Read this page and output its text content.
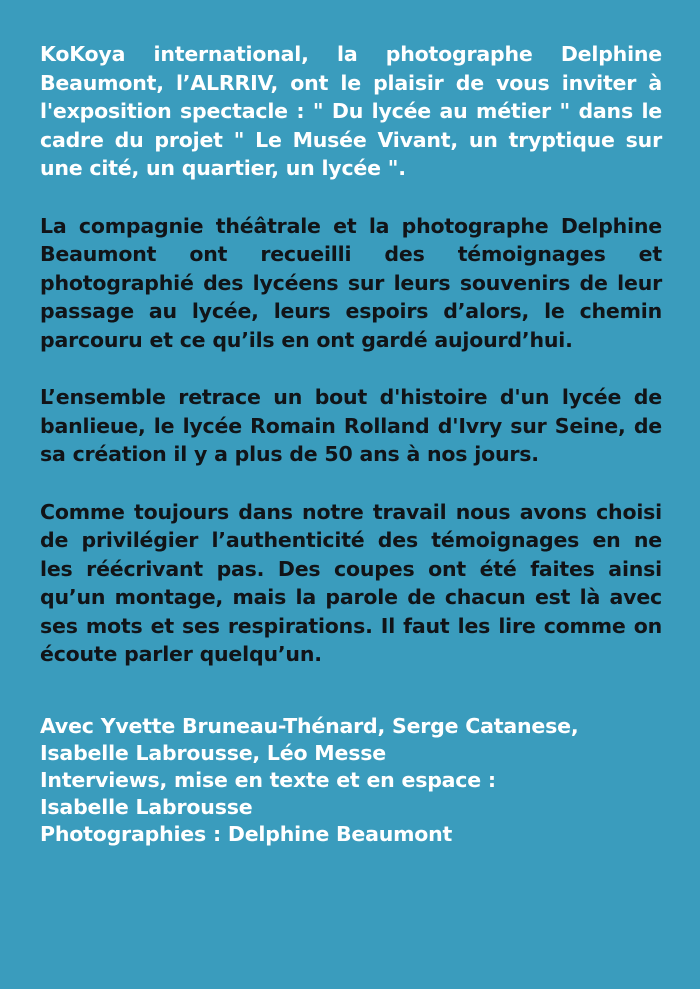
KoKoya international, la photographe Delphine Beaumont, l’ALRRIV, ont le plaisir de vous inviter à l'exposition spectacle : " Du lycée au métier " dans le cadre du projet " Le Musée Vivant, un tryptique sur une cité, un quartier, un lycée ".

La compagnie théâtrale et la photographe Delphine Beaumont ont recueilli des témoignages et photographié des lycéens sur leurs souvenirs de leur passage au lycée, leurs espoirs d’alors, le chemin parcouru et ce qu’ils en ont gardé aujourd’hui.

L’ensemble retrace un bout d'histoire d'un lycée de banlieue, le lycée Romain Rolland d'Ivry sur Seine, de sa création il y a plus de 50 ans à nos jours.

Comme toujours dans notre travail nous avons choisi de privilégier l’authenticité des témoignages en ne les réécrivant pas. Des coupes ont été faites ainsi qu’un montage, mais la parole de chacun est là avec ses mots et ses respirations. Il faut les lire comme on écoute parler quelqu’un.

Avec Yvette Bruneau-Thénard, Serge Catanese,
Isabelle Labrousse, Léo Messe
Interviews, mise en texte et en espace :
Isabelle Labrousse
Photographies : Delphine Beaumont
